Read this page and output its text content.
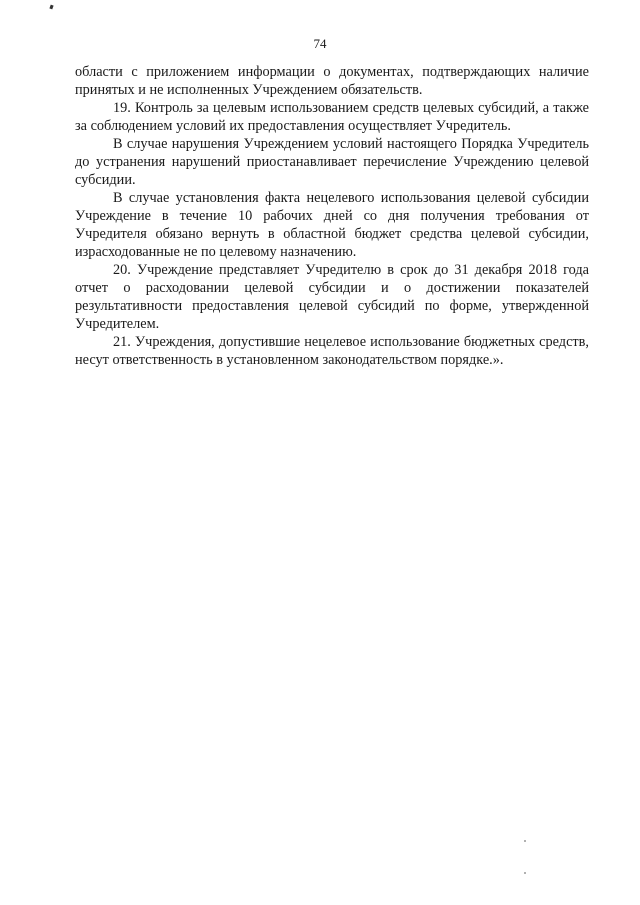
74

области с приложением информации о документах, подтверждающих наличие принятых и не исполненных Учреждением обязательств.

19. Контроль за целевым использованием средств целевых субсидий, а также за соблюдением условий их предоставления осуществляет Учредитель.

В случае нарушения Учреждением условий настоящего Порядка Учредитель до устранения нарушений приостанавливает перечисление Учреждению целевой субсидии.

В случае установления факта нецелевого использования целевой субсидии Учреждение в течение 10 рабочих дней со дня получения требования от Учредителя обязано вернуть в областной бюджет средства целевой субсидии, израсходованные не по целевому назначению.

20. Учреждение представляет Учредителю в срок до 31 декабря 2018 года отчет о расходовании целевой субсидии и о достижении показателей результативности предоставления целевой субсидий по форме, утвержденной Учредителем.

21. Учреждения, допустившие нецелевое использование бюджетных средств, несут ответственность в установленном законодательством порядке.».
